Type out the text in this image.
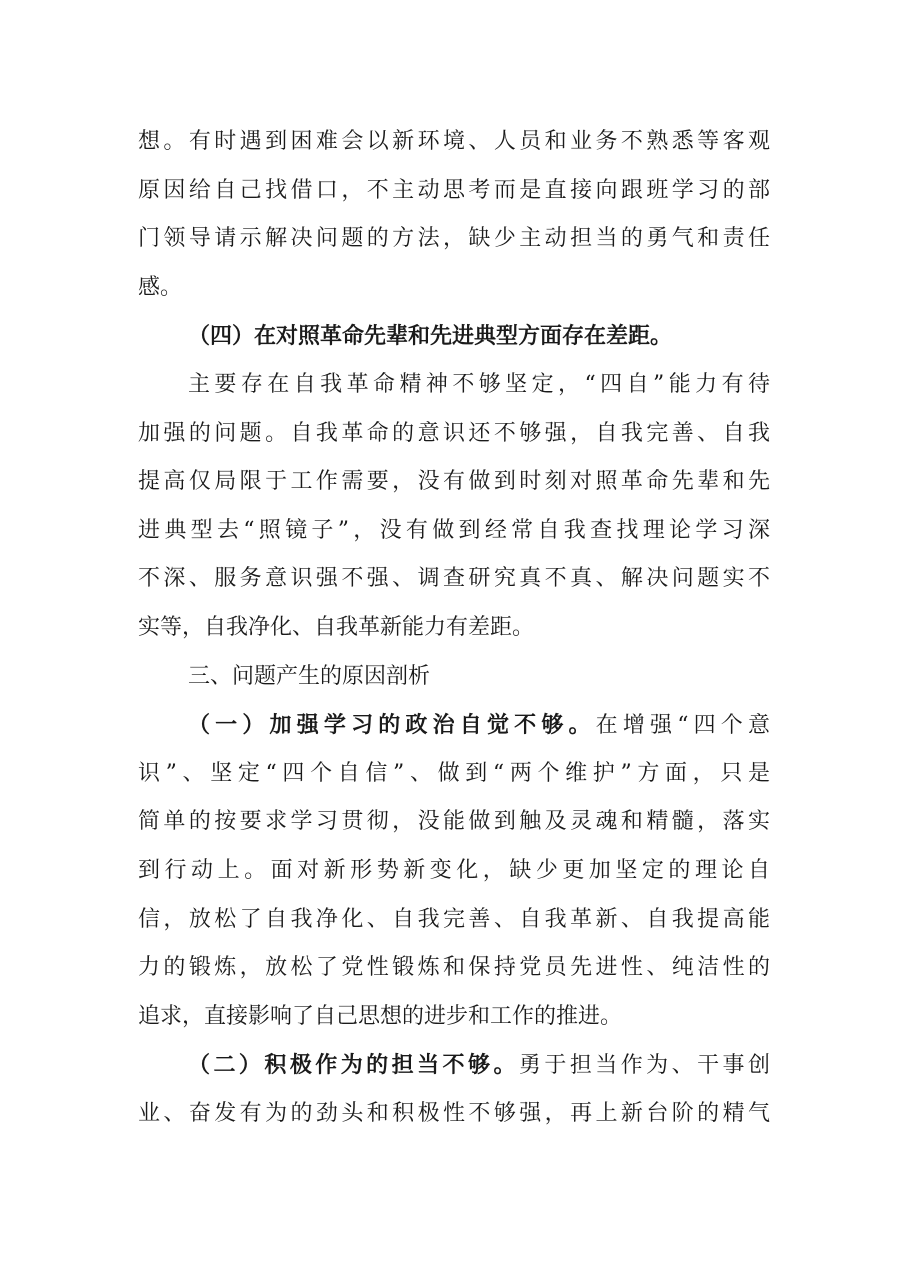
想。有时遇到困难会以新环境、人员和业务不熟悉等客观
原因给自己找借口，不主动思考而是直接向跟班学习的部
门领导请示解决问题的方法，缺少主动担当的勇气和责任
感。
（四）在对照革命先辈和先进典型方面存在差距。
主要存在自我革命精神不够坚定，“四自”能力有待
加强的问题。自我革命的意识还不够强，自我完善、自我
提高仅局限于工作需要，没有做到时刻对照革命先辈和先
进典型去“照镜子”，没有做到经常自我查找理论学习深
不深、服务意识强不强、调查研究真不真、解决问题实不
实等，自我净化、自我革新能力有差距。
三、问题产生的原因剖析
（一）加强学习的政治自觉不够。在增强“四个意
识”、坚定“四个自信”、做到“两个维护”方面，只是
简单的按要求学习贯彻，没能做到触及灵魂和精髓，落实
到行动上。面对新形势新变化，缺少更加坚定的理论自
信，放松了自我净化、自我完善、自我革新、自我提高能
力的锻炼，放松了党性锻炼和保持党员先进性、纯洁性的
追求，直接影响了自己思想的进步和工作的推进。
（二）积极作为的担当不够。勇于担当作为、干事创
业、奋发有为的劲头和积极性不够强，再上新台阶的精气
